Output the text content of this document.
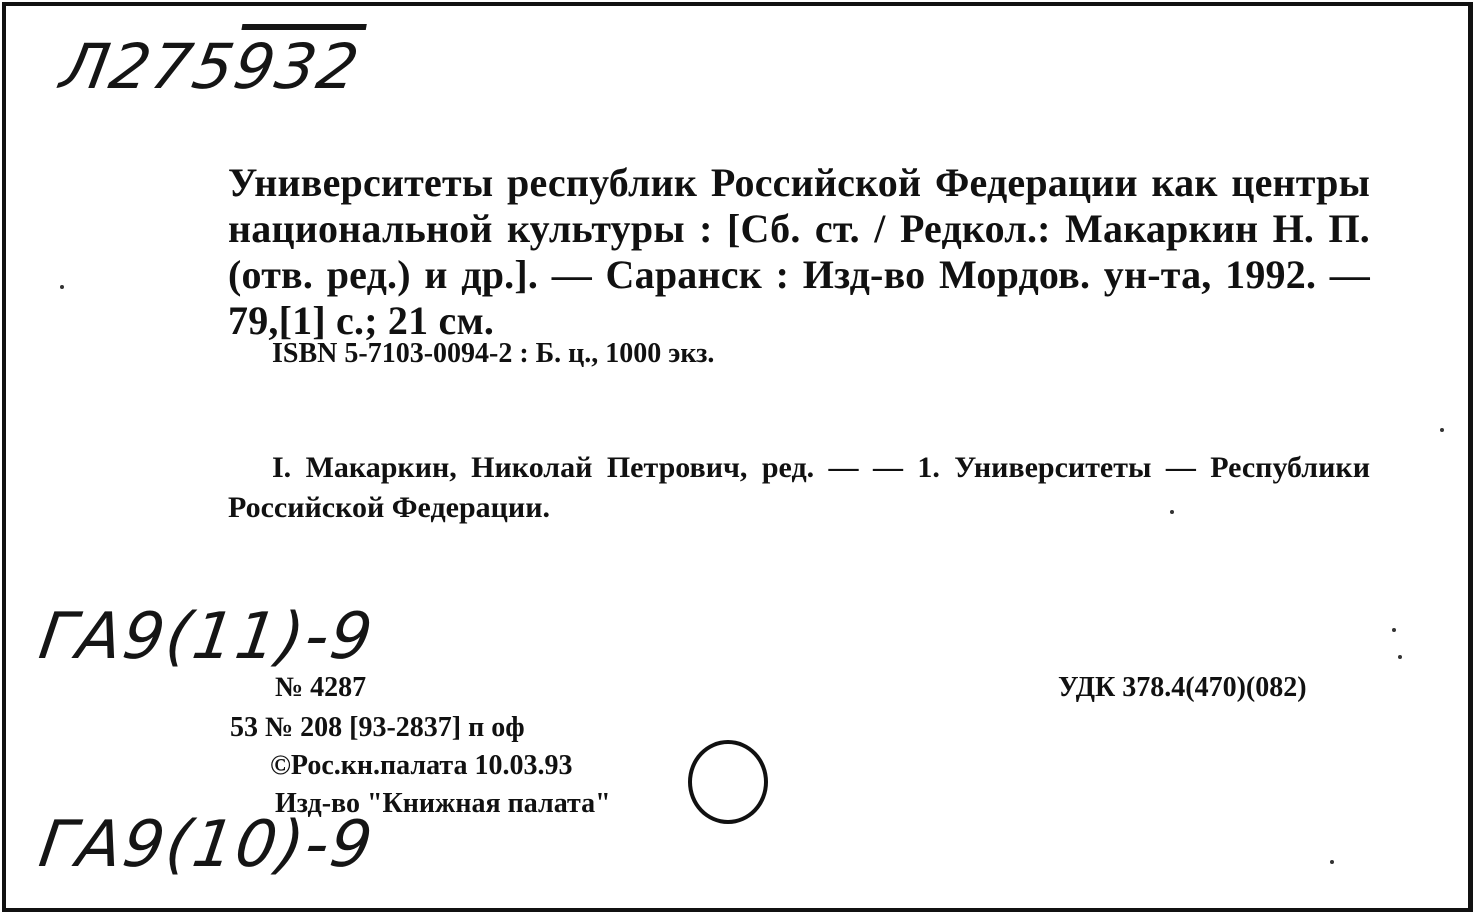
Л275932
Университеты республик Российской Федерации как центры национальной культуры : [Сб. ст. / Редкол.: Макаркин Н. П. (отв. ред.) и др.]. — Саранск : Изд-во Мордов. ун-та, 1992. — 79,[1] с.; 21 см.
ISBN 5-7103-0094-2 : Б. ц., 1000 экз.
I. Макаркин, Николай Петрович, ред. — — 1. Университеты — Республики Российской Федерации.
ГА9(11)-9
№ 4287
53 № 208 [93-2837] п оф
©Рос.кн.палата 10.03.93
Изд-во "Книжная палата"
УДК 378.4(470)(082)
ГА9(10)-9
